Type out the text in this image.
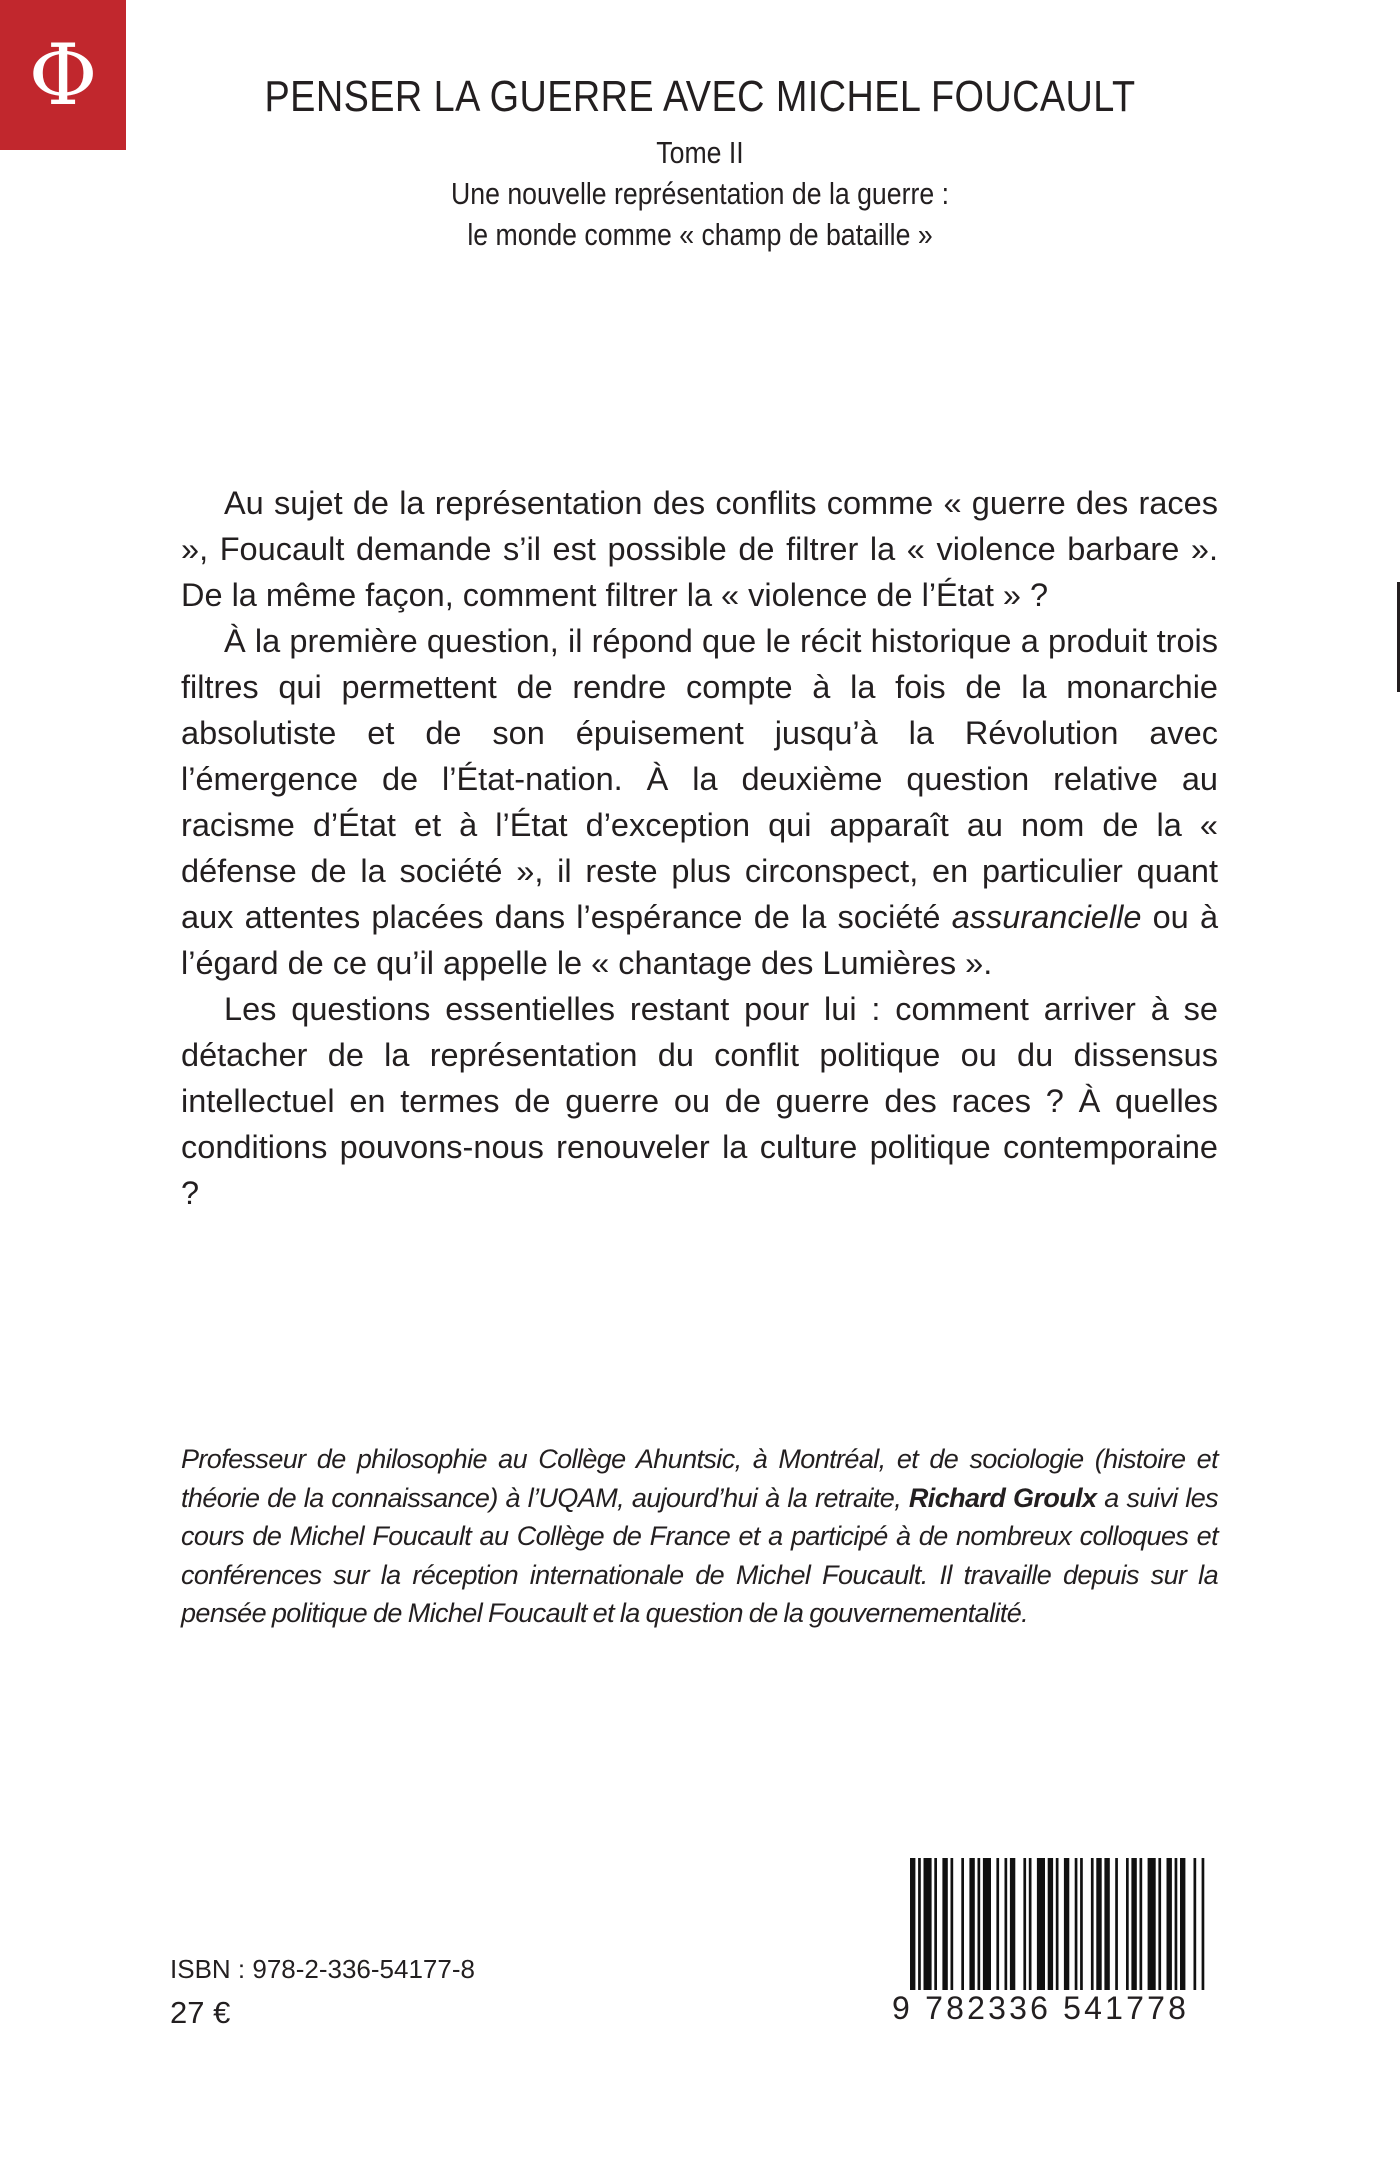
Φ	PENSER LA GUERRE AVEC MICHEL FOUCAULT
Tome II
Une nouvelle représentation de la guerre :
le monde comme « champ de bataille »

Au sujet de la représentation des conflits comme « guerre des races », Foucault demande s’il est possible de filtrer la « violence barbare ». De la même façon, comment filtrer la « violence de l’État » ?

À la première question, il répond que le récit historique a produit trois filtres qui permettent de rendre compte à la fois de la monarchie absolutiste et de son épuisement jusqu’à la Révolution avec l’émergence de l’État-nation. À la deuxième question relative au racisme d’État et à l’État d’exception qui apparaît au nom de la « défense de la société », il reste plus circonspect, en particulier quant aux attentes placées dans l’espérance de la société assurancielle ou à l’égard de ce qu’il appelle le « chantage des Lumières ».

Les questions essentielles restant pour lui : comment arriver à se détacher de la représentation du conflit politique ou du dissensus intellectuel en termes de guerre ou de guerre des races ? À quelles conditions pouvons-nous renouveler la culture politique contemporaine ?

Professeur de philosophie au Collège Ahuntsic, à Montréal, et de sociologie (histoire et théorie de la connaissance) à l’UQAM, aujourd’hui à la retraite, Richard Groulx a suivi les cours de Michel Foucault au Collège de France et a participé à de nombreux colloques et conférences sur la réception internationale de Michel Foucault. Il travaille depuis sur la pensée politique de Michel Foucault et la question de la gouvernementalité.
ISBN : 978-2-336-54177-8
27 €	9 782336 541778
